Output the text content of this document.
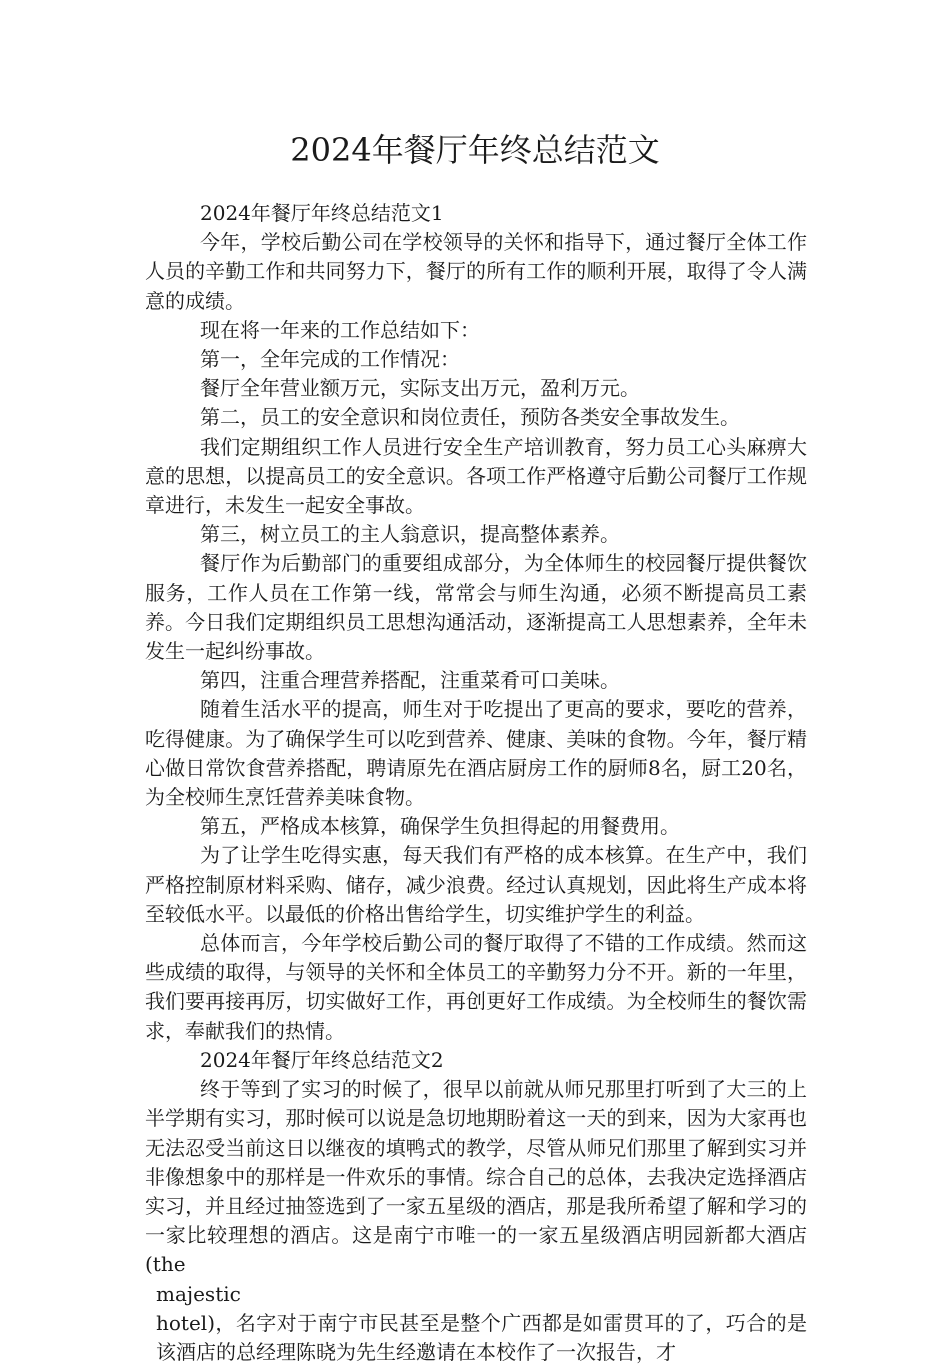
2024年餐厅年终总结范文

2024年餐厅年终总结范文1

今年，学校后勤公司在学校领导的关怀和指导下，通过餐厅全体工作人员的辛勤工作和共同努力下，餐厅的所有工作的顺利开展，取得了令人满意的成绩。

现在将一年来的工作总结如下：

第一，全年完成的工作情况：

餐厅全年营业额万元，实际支出万元，盈利万元。

第二，员工的安全意识和岗位责任，预防各类安全事故发生。

我们定期组织工作人员进行安全生产培训教育，努力员工心头麻痹大意的思想，以提高员工的安全意识。各项工作严格遵守后勤公司餐厅工作规章进行，未发生一起安全事故。

第三，树立员工的主人翁意识，提高整体素养。

餐厅作为后勤部门的重要组成部分，为全体师生的校园餐厅提供餐饮服务，工作人员在工作第一线，常常会与师生沟通，必须不断提高员工素养。今日我们定期组织员工思想沟通活动，逐渐提高工人思想素养，全年未发生一起纠纷事故。

第四，注重合理营养搭配，注重菜肴可口美味。

随着生活水平的提高，师生对于吃提出了更高的要求，要吃的营养，吃得健康。为了确保学生可以吃到营养、健康、美味的食物。今年，餐厅精心做日常饮食营养搭配，聘请原先在酒店厨房工作的厨师8名，厨工20名，为全校师生烹饪营养美味食物。

第五，严格成本核算，确保学生负担得起的用餐费用。

为了让学生吃得实惠，每天我们有严格的成本核算。在生产中，我们严格控制原材料采购、储存，减少浪费。经过认真规划，因此将生产成本将至较低水平。以最低的价格出售给学生，切实维护学生的利益。

总体而言，今年学校后勤公司的餐厅取得了不错的工作成绩。然而这些成绩的取得，与领导的关怀和全体员工的辛勤努力分不开。新的一年里，我们要再接再厉，切实做好工作，再创更好工作成绩。为全校师生的餐饮需求，奉献我们的热情。

2024年餐厅年终总结范文2

终于等到了实习的时候了，很早以前就从师兄那里打听到了大三的上半学期有实习，那时候可以说是急切地期盼着这一天的到来，因为大家再也无法忍受当前这日以继夜的填鸭式的教学，尽管从师兄们那里了解到实习并非像想象中的那样是一件欢乐的事情。综合自己的总体，去我决定选择酒店实习，并且经过抽签选到了一家五星级的酒店，那是我所希望了解和学习的一家比较理想的酒店。这是南宁市唯一的一家五星级酒店明园新都大酒店(the

majestic

hotel)，名字对于南宁市民甚至是整个广西都是如雷贯耳的了，巧合的是该酒店的总经理陈晓为先生经邀请在本校作了一次报告，才
